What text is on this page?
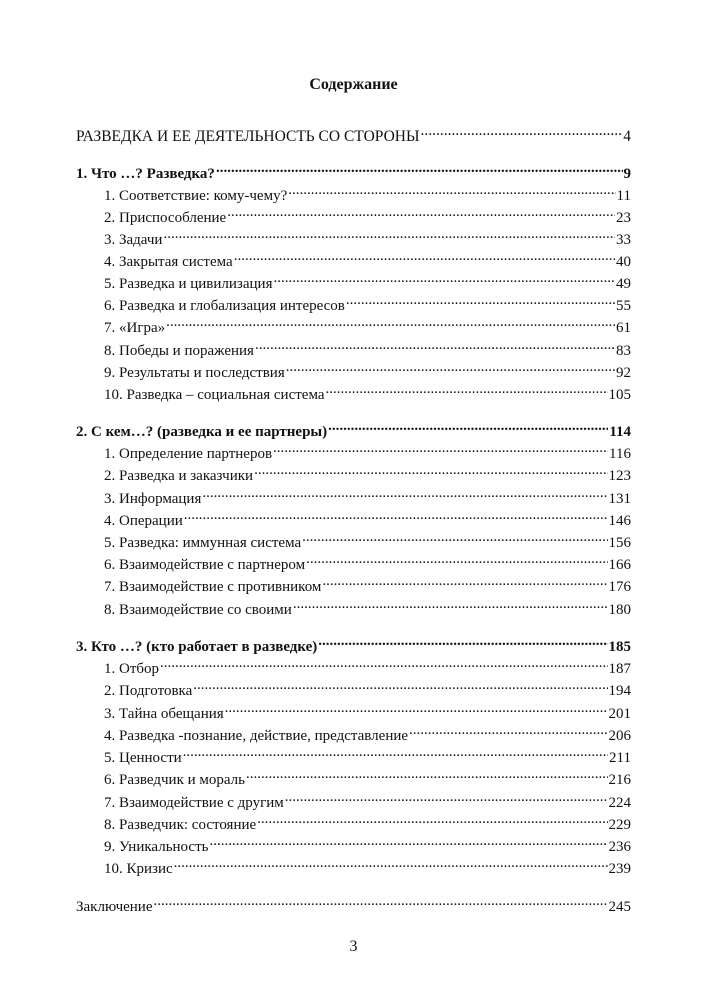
Содержание
РАЗВЕДКА И ЕЕ ДЕЯТЕЛЬНОСТЬ СО СТОРОНЫ .....	4
1. Что …? Разведка? .....	9
1. Соответствие: кому-чему? .....	11
2. Приспособление .....	23
3. Задачи .....	33
4. Закрытая система .....	40
5. Разведка и цивилизация .....	49
6. Разведка и глобализация интересов .....	55
7. «Игра» .....	61
8. Победы и поражения .....	83
9. Результаты и последствия .....	92
10. Разведка – социальная система .....	105
2. С кем…? (разведка и ее партнеры) .....	114
1. Определение партнеров .....	116
2. Разведка и заказчики .....	123
3. Информация .....	131
4. Операции .....	146
5. Разведка: иммунная система .....	156
6. Взаимодействие с партнером .....	166
7. Взаимодействие с противником .....	176
8. Взаимодействие со своими .....	180
3. Кто …? (кто работает в разведке) .....	185
1. Отбор .....	187
2. Подготовка .....	194
3. Тайна обещания .....	201
4. Разведка -познание, действие, представление .....	206
5. Ценности .....	211
6. Разведчик и мораль .....	216
7. Взаимодействие с другим .....	224
8. Разведчик: состояние .....	229
9. Уникальность .....	236
10. Кризис .....	239
Заключение .....	245
3
